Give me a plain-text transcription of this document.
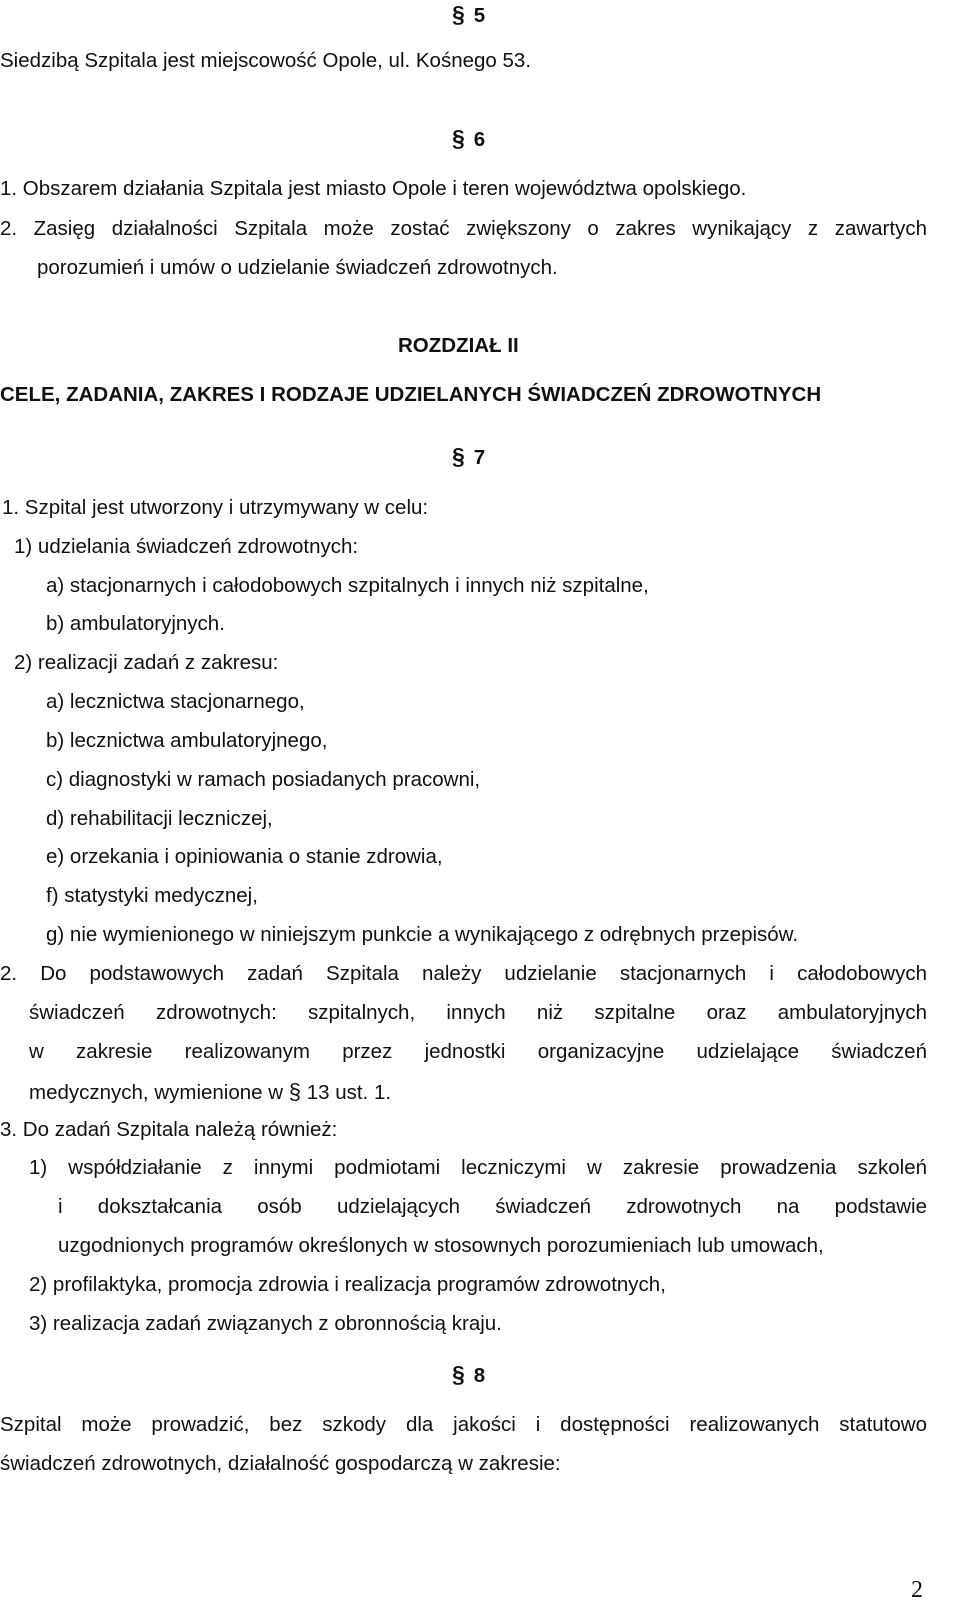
§ 5
Siedzibą Szpitala jest miejscowość Opole, ul. Kośnego 53.
§ 6
1. Obszarem działania Szpitala jest miasto Opole i teren województwa opolskiego.
2. Zasięg działalności Szpitala może zostać zwiększony o zakres wynikający z zawartych
porozumień i umów o udzielanie świadczeń zdrowotnych.
ROZDZIAŁ II
CELE, ZADANIA, ZAKRES I RODZAJE UDZIELANYCH ŚWIADCZEŃ ZDROWOTNYCH
§ 7
1. Szpital jest utworzony i utrzymywany w celu:
1) udzielania świadczeń zdrowotnych:
a) stacjonarnych i całodobowych szpitalnych i innych niż szpitalne,
b) ambulatoryjnych.
2) realizacji zadań z zakresu:
a) lecznictwa stacjonarnego,
b) lecznictwa ambulatoryjnego,
c) diagnostyki w ramach posiadanych pracowni,
d) rehabilitacji leczniczej,
e) orzekania i opiniowania o stanie zdrowia,
f) statystyki medycznej,
g) nie wymienionego w niniejszym punkcie a wynikającego z odrębnych przepisów.
2. Do podstawowych zadań Szpitala należy udzielanie stacjonarnych i całodobowych
świadczeń zdrowotnych: szpitalnych, innych niż szpitalne oraz ambulatoryjnych
w zakresie realizowanym przez jednostki organizacyjne udzielające świadczeń
medycznych, wymienione w § 13 ust. 1.
3. Do zadań Szpitala należą również:
1) współdziałanie z innymi podmiotami leczniczymi w zakresie prowadzenia szkoleń
i dokształcania osób udzielających świadczeń zdrowotnych na podstawie
uzgodnionych programów określonych w stosownych porozumieniach lub umowach,
2) profilaktyka, promocja zdrowia i realizacja programów zdrowotnych,
3) realizacja zadań związanych z obronnością kraju.
§ 8
Szpital może prowadzić, bez szkody dla jakości i dostępności realizowanych statutowo
świadczeń zdrowotnych, działalność gospodarczą w zakresie:
2
